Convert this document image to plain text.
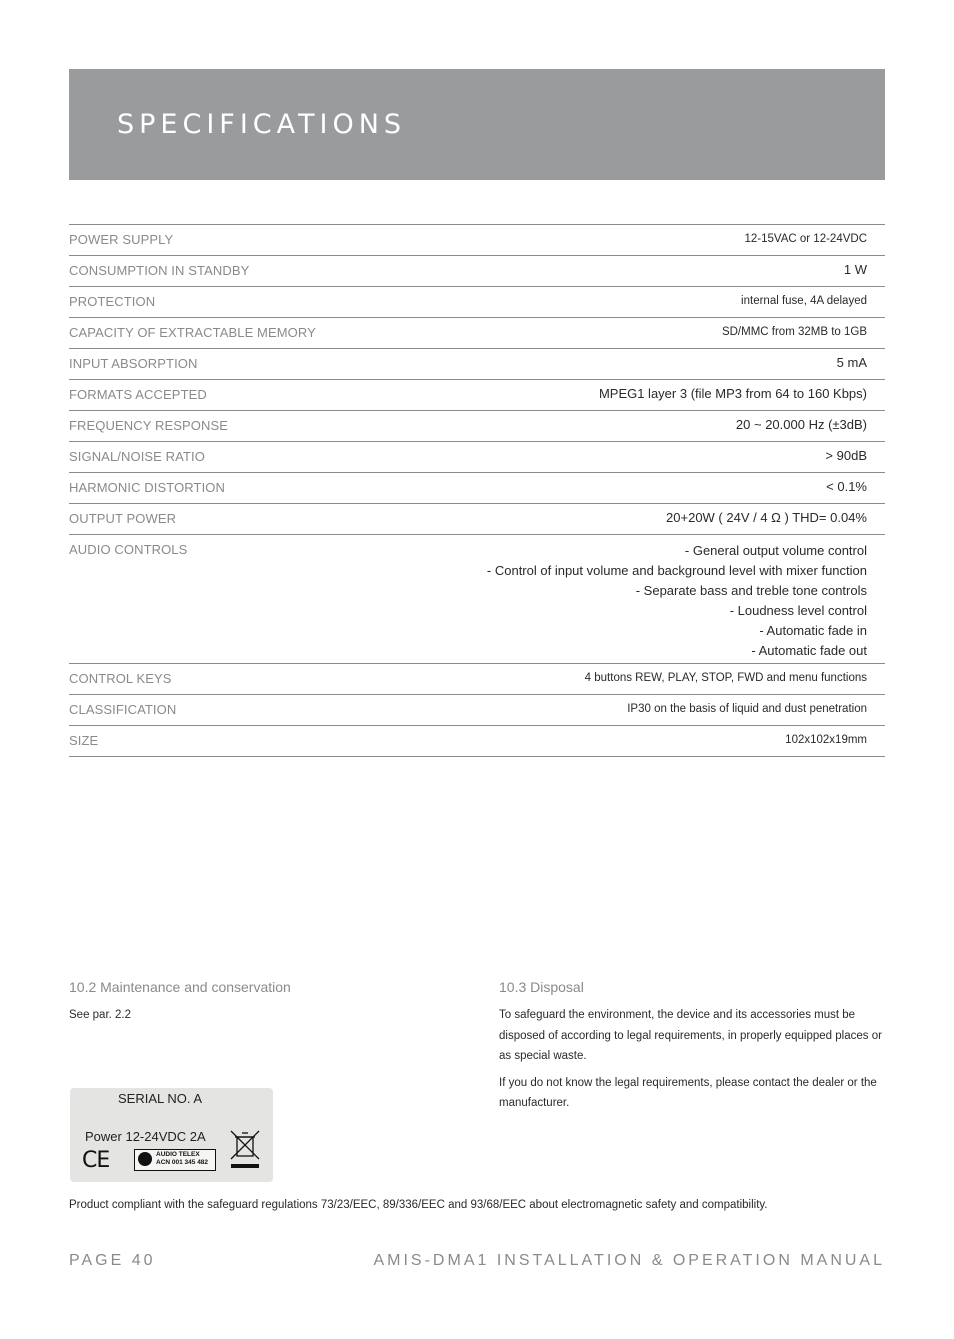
SPECIFICATIONS
POWER SUPPLY	12-15VAC or 12-24VDC
CONSUMPTION IN STANDBY	1 W
PROTECTION	internal fuse, 4A delayed
CAPACITY OF EXTRACTABLE MEMORY	SD/MMC from 32MB to 1GB
INPUT ABSORPTION	5 mA
FORMATS ACCEPTED	MPEG1 layer 3 (file MP3 from 64 to 160 Kbps)
FREQUENCY RESPONSE	20 ~ 20.000 Hz (±3dB)
SIGNAL/NOISE RATIO	> 90dB
HARMONIC DISTORTION	< 0.1%
OUTPUT POWER	20+20W ( 24V / 4 Ω ) THD= 0.04%
AUDIO CONTROLS	- General output volume control
- Control of input volume and background level with mixer function
- Separate bass and treble tone controls
- Loudness level control
- Automatic fade in
- Automatic fade out
CONTROL KEYS	4 buttons REW, PLAY, STOP, FWD and menu functions
CLASSIFICATION	IP30 on the basis of liquid and dust penetration
SIZE	102x102x19mm
10.2 Maintenance and conservation

See par. 2.2

10.3 Disposal

To safeguard the environment, the device and its accessories must be disposed of according to legal requirements, in properly equipped places or as special waste.

If you do not know the legal requirements, please contact the dealer or the manufacturer.

SERIAL NO. A
Power 12-24VDC 2A
CE	AUDIO TELEX
ACN 001 345 482

Product compliant with the safeguard regulations 73/23/EEC, 89/336/EEC and 93/68/EEC about electromagnetic safety and compatibility.

PAGE 40	AMIS-DMA1 INSTALLATION & OPERATION MANUAL
